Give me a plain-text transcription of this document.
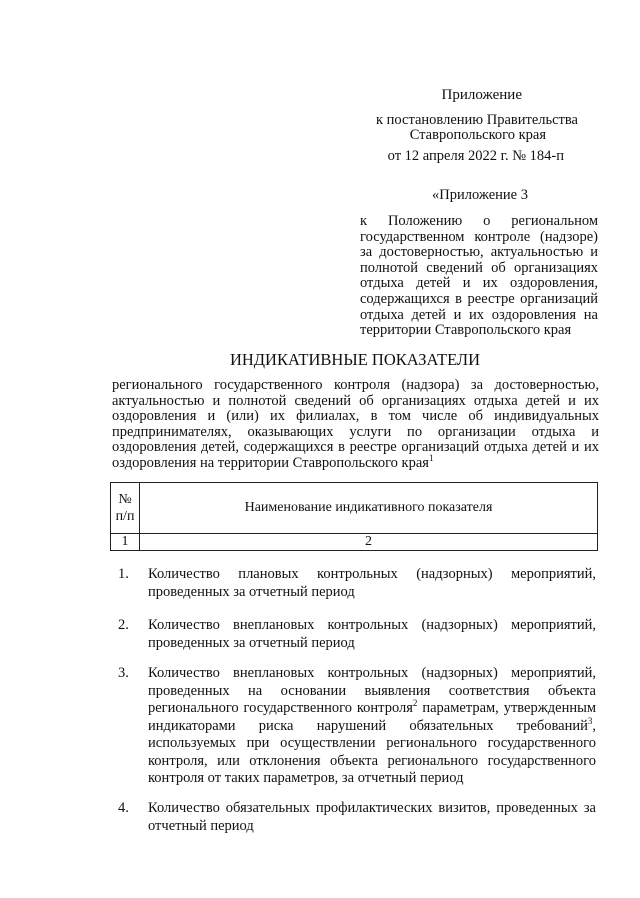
Приложение
к постановлению Правительства
Ставропольского края
от 12 апреля 2022 г. № 184-п
«Приложение 3
к Положению о региональном государственном контроле (надзоре) за достоверностью, актуальностью и полнотой сведений об организациях отдыха детей и их оздоровления, содержащихся в реестре организаций отдыха детей и их оздоровления на территории Ставропольского края
ИНДИКАТИВНЫЕ ПОКАЗАТЕЛИ
регионального государственного контроля (надзора) за достоверностью, актуальностью и полнотой сведений об организациях отдыха детей и их оздоровления и (или) их филиалах, в том числе об индивидуальных предпринимателях, оказывающих услуги по организации отдыха и оздоровления детей, содержащихся в реестре организаций отдыха детей и их оздоровления на территории Ставропольского края$^1$
№ п/п	Наименование индикативного показателя
1	2
1. Количество плановых контрольных (надзорных) мероприятий, проведенных за отчетный период
2. Количество внеплановых контрольных (надзорных) мероприятий, проведенных за отчетный период
3. Количество внеплановых контрольных (надзорных) мероприятий, проведенных на основании выявления соответствия объекта регионального государственного контроля$^2$ параметрам, утвержденным индикаторами риска нарушений обязательных требований$^3$, используемых при осуществлении регионального государственного контроля, или отклонения объекта регионального государственного контроля от таких параметров, за отчетный период
4. Количество обязательных профилактических визитов, проведенных за отчетный период
